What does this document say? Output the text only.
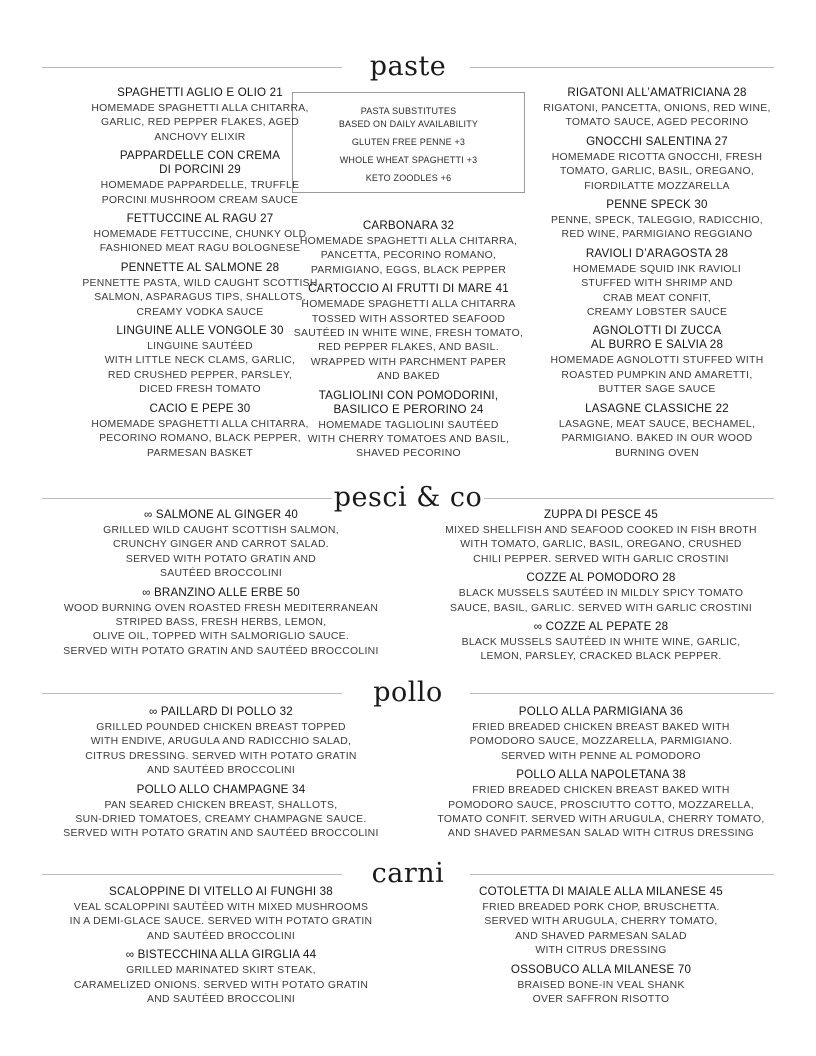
paste
pesci & co
pollo
carni
PASTA SUBSTITUTES
BASED ON DAILY AVAILABILITY
GLUTEN FREE PENNE +3
WHOLE WHEAT SPAGHETTI +3
KETO ZOODLES +6
SPAGHETTI AGLIO E OLIO 21
HOMEMADE SPAGHETTI ALLA CHITARRA,
GARLIC, RED PEPPER FLAKES, AGED
ANCHOVY ELIXIR
PAPPARDELLE CON CREMA
DI PORCINI 29
HOMEMADE PAPPARDELLE, TRUFFLE
PORCINI MUSHROOM CREAM SAUCE
FETTUCCINE AL RAGU 27
HOMEMADE FETTUCCINE, CHUNKY OLD
FASHIONED MEAT RAGU BOLOGNESE
PENNETTE AL SALMONE 28
PENNETTE PASTA, WILD CAUGHT SCOTTISH
SALMON, ASPARAGUS TIPS, SHALLOTS,
CREAMY VODKA SAUCE
LINGUINE ALLE VONGOLE 30
LINGUINE SAUTÉED
WITH LITTLE NECK CLAMS, GARLIC,
RED CRUSHED PEPPER, PARSLEY,
DICED FRESH TOMATO
CACIO E PEPE 30
HOMEMADE SPAGHETTI ALLA CHITARRA,
PECORINO ROMANO, BLACK PEPPER,
PARMESAN BASKET
CARBONARA 32
HOMEMADE SPAGHETTI ALLA CHITARRA,
PANCETTA, PECORINO ROMANO,
PARMIGIANO, EGGS, BLACK PEPPER
CARTOCCIO AI FRUTTI DI MARE 41
HOMEMADE SPAGHETTI ALLA CHITARRA
TOSSED WITH ASSORTED SEAFOOD
SAUTÉED IN WHITE WINE, FRESH TOMATO,
RED PEPPER FLAKES, AND BASIL.
WRAPPED WITH PARCHMENT PAPER
AND BAKED
TAGLIOLINI CON POMODORINI,
BASILICO E PERORINO 24
HOMEMADE TAGLIOLINI SAUTÉED
WITH CHERRY TOMATOES AND BASIL,
SHAVED PECORINO
RIGATONI ALL’AMATRICIANA 28
RIGATONI, PANCETTA, ONIONS, RED WINE,
TOMATO SAUCE, AGED PECORINO
GNOCCHI SALENTINA 27
HOMEMADE RICOTTA GNOCCHI, FRESH
TOMATO, GARLIC, BASIL, OREGANO,
FIORDILATTE MOZZARELLA
PENNE SPECK 30
PENNE, SPECK, TALEGGIO, RADICCHIO,
RED WINE, PARMIGIANO REGGIANO
RAVIOLI D’ARAGOSTA 28
HOMEMADE SQUID INK RAVIOLI
STUFFED WITH SHRIMP AND
CRAB MEAT CONFIT,
CREAMY LOBSTER SAUCE
AGNOLOTTI DI ZUCCA
AL BURRO E SALVIA 28
HOMEMADE AGNOLOTTI STUFFED WITH
ROASTED PUMPKIN AND AMARETTI,
BUTTER SAGE SAUCE
LASAGNE CLASSICHE 22
LASAGNE, MEAT SAUCE, BECHAMEL,
PARMIGIANO. BAKED IN OUR WOOD
BURNING OVEN
∞ SALMONE AL GINGER 40
GRILLED WILD CAUGHT SCOTTISH SALMON,
CRUNCHY GINGER AND CARROT SALAD.
SERVED WITH POTATO GRATIN AND
SAUTÉED BROCCOLINI
∞ BRANZINO ALLE ERBE 50
WOOD BURNING OVEN ROASTED FRESH MEDITERRANEAN
STRIPED BASS, FRESH HERBS, LEMON,
OLIVE OIL, TOPPED WITH SALMORIGLIO SAUCE.
SERVED WITH POTATO GRATIN AND SAUTÉED BROCCOLINI
ZUPPA DI PESCE 45
MIXED SHELLFISH AND SEAFOOD COOKED IN FISH BROTH
WITH TOMATO, GARLIC, BASIL, OREGANO, CRUSHED
CHILI PEPPER. SERVED WITH GARLIC CROSTINI
COZZE AL POMODORO 28
BLACK MUSSELS SAUTÉED IN MILDLY SPICY TOMATO
SAUCE, BASIL, GARLIC. SERVED WITH GARLIC CROSTINI
∞ COZZE AL PEPATE 28
BLACK MUSSELS SAUTÉED IN WHITE WINE, GARLIC,
LEMON, PARSLEY, CRACKED BLACK PEPPER.
∞ PAILLARD DI POLLO 32
GRILLED POUNDED CHICKEN BREAST TOPPED
WITH ENDIVE, ARUGULA AND RADICCHIO SALAD,
CITRUS DRESSING. SERVED WITH POTATO GRATIN
AND SAUTÉED BROCCOLINI
POLLO ALLO CHAMPAGNE 34
PAN SEARED CHICKEN BREAST, SHALLOTS,
SUN-DRIED TOMATOES, CREAMY CHAMPAGNE SAUCE.
SERVED WITH POTATO GRATIN AND SAUTÉED BROCCOLINI
POLLO ALLA PARMIGIANA 36
FRIED BREADED CHICKEN BREAST BAKED WITH
POMODORO SAUCE, MOZZARELLA, PARMIGIANO.
SERVED WITH PENNE AL POMODORO
POLLO ALLA NAPOLETANA 38
FRIED BREADED CHICKEN BREAST BAKED WITH
POMODORO SAUCE, PROSCIUTTO COTTO, MOZZARELLA,
TOMATO CONFIT. SERVED WITH ARUGULA, CHERRY TOMATO,
AND SHAVED PARMESAN SALAD WITH CITRUS DRESSING
SCALOPPINE DI VITELLO AI FUNGHI 38
VEAL SCALOPPINI SAUTÉED WITH MIXED MUSHROOMS
IN A DEMI-GLACE SAUCE. SERVED WITH POTATO GRATIN
AND SAUTÉED BROCCOLINI
∞ BISTECCHINA ALLA GIRGLIA 44
GRILLED MARINATED SKIRT STEAK,
CARAMELIZED ONIONS. SERVED WITH POTATO GRATIN
AND SAUTÉED BROCCOLINI
COTOLETTA DI MAIALE ALLA MILANESE 45
FRIED BREADED PORK CHOP, BRUSCHETTA.
SERVED WITH ARUGULA, CHERRY TOMATO,
AND SHAVED PARMESAN SALAD
WITH CITRUS DRESSING
OSSOBUCO ALLA MILANESE 70
BRAISED BONE-IN VEAL SHANK
OVER SAFFRON RISOTTO
